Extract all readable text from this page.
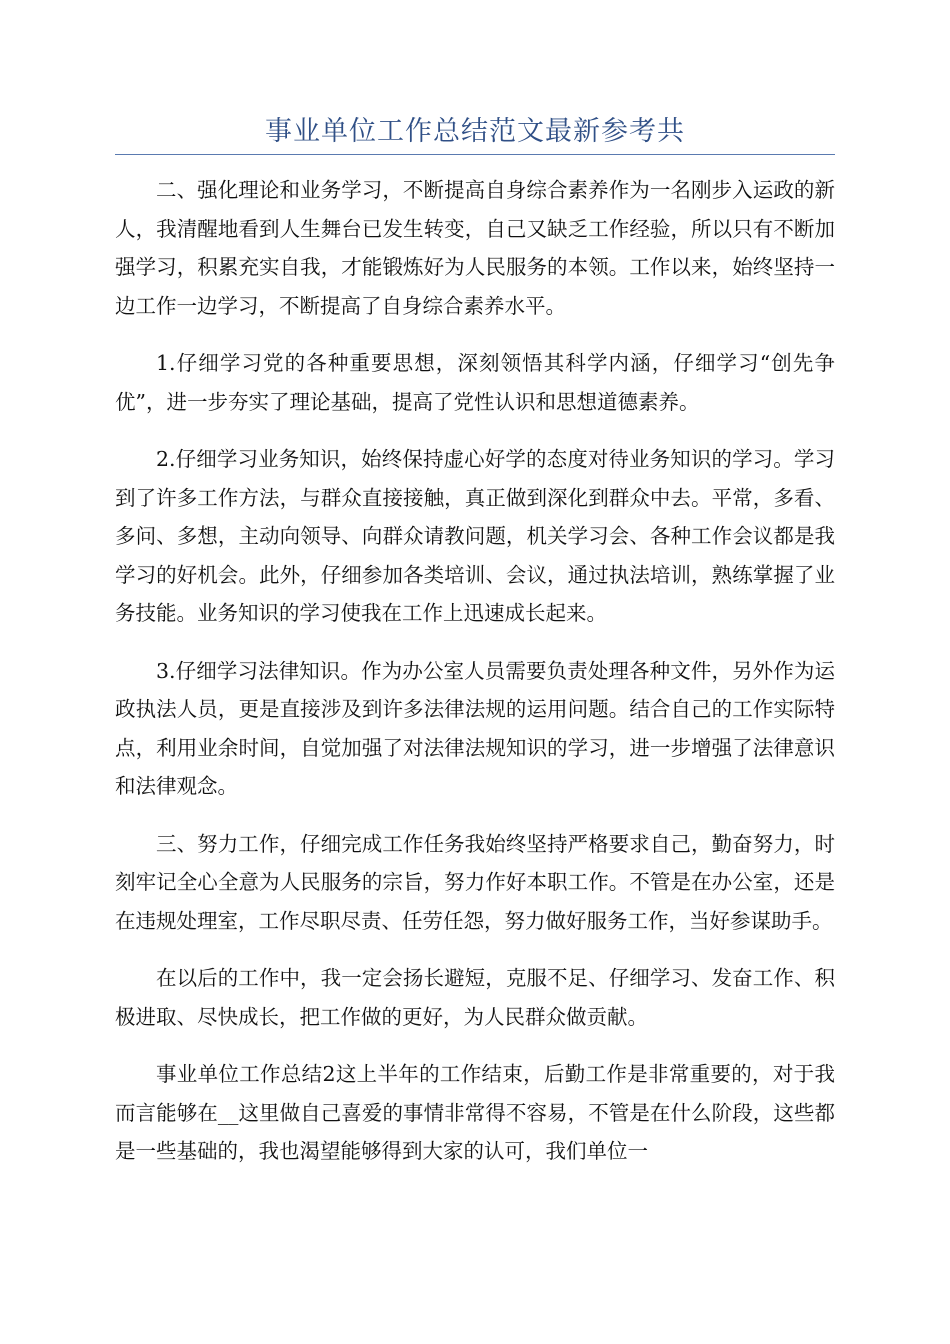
事业单位工作总结范文最新参考共

二、强化理论和业务学习，不断提高自身综合素养作为一名刚步入运政的新人，我清醒地看到人生舞台已发生转变，自己又缺乏工作经验，所以只有不断加强学习，积累充实自我，才能锻炼好为人民服务的本领。工作以来，始终坚持一边工作一边学习，不断提高了自身综合素养水平。

1.仔细学习党的各种重要思想，深刻领悟其科学内涵，仔细学习“创先争优”，进一步夯实了理论基础，提高了党性认识和思想道德素养。

2.仔细学习业务知识，始终保持虚心好学的态度对待业务知识的学习。学习到了许多工作方法，与群众直接接触，真正做到深化到群众中去。平常，多看、多问、多想，主动向领导、向群众请教问题，机关学习会、各种工作会议都是我学习的好机会。此外，仔细参加各类培训、会议，通过执法培训，熟练掌握了业务技能。业务知识的学习使我在工作上迅速成长起来。

3.仔细学习法律知识。作为办公室人员需要负责处理各种文件，另外作为运政执法人员，更是直接涉及到许多法律法规的运用问题。结合自己的工作实际特点，利用业余时间，自觉加强了对法律法规知识的学习，进一步增强了法律意识和法律观念。

三、努力工作，仔细完成工作任务我始终坚持严格要求自己，勤奋努力，时刻牢记全心全意为人民服务的宗旨，努力作好本职工作。不管是在办公室，还是在违规处理室，工作尽职尽责、任劳任怨，努力做好服务工作，当好参谋助手。

在以后的工作中，我一定会扬长避短，克服不足、仔细学习、发奋工作、积极进取、尽快成长，把工作做的更好，为人民群众做贡献。

事业单位工作总结2这上半年的工作结束，后勤工作是非常重要的，对于我而言能够在__这里做自己喜爱的事情非常得不容易，不管是在什么阶段，这些都是一些基础的，我也渴望能够得到大家的认可，我们单位一
